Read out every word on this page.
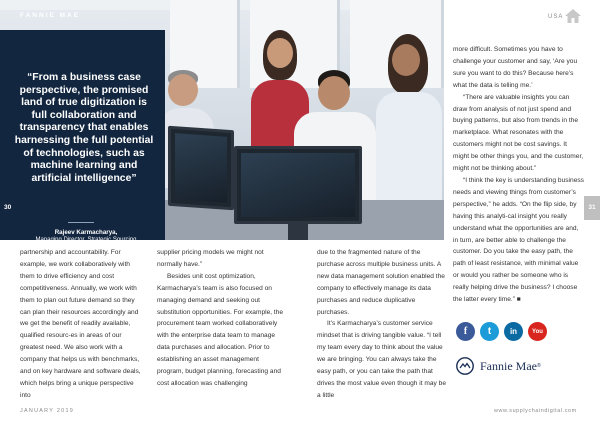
“From a business case perspective, the promised land of true digitization is full collaboration and transparency that enables harnessing the full potential of technologies, such as machine learning and artificial intelligence”
Rajeev Karmacharya,
Managing Director, Strategic Sourcing
and Category Management
FANNIE MAE
30
USA

partnership and accountability. For example, we work collaboratively with them to drive efficiency and cost competitiveness. Annually, we work with them to plan out future demand so they can plan their resources accordingly and we get the benefit of readily available, qualified resourc-es in areas of our greatest need. We also work with a company that helps us with benchmarks, and on key hardware and software deals, which helps bring a unique perspective into

supplier pricing models we might not normally have.”

Besides unit cost optimization, Karmacharya’s team is also focused on managing demand and seeking out substitution opportunities. For example, the procurement team worked collaboratively with the enterprise data team to manage data purchases and allocation. Prior to establishing an asset management program, budget planning, forecasting and cost allocation was challenging

due to the fragmented nature of the purchase across multiple business units. A new data management solution enabled the company to effectively manage its data purchases and reduce duplicative purchases.

It’s Karmacharya’s customer service mindset that is driving tangible value. “I tell my team every day to think about the value we are bringing. You can always take the easy path, or you can take the path that drives the most value even though it may be a little

more difficult. Sometimes you have to challenge your customer and say, ‘Are you sure you want to do this? Because here’s what the data is telling me.’

“There are valuable insights you can draw from analysis of not just spend and buying patterns, but also from trends in the marketplace. What resonates with the customers might not be cost savings. It might be other things you, and the customer, might not be thinking about.”

“I think the key is understanding business needs and viewing things from customer’s perspective,” he adds. “On the flip side, by having this analyti-cal insight you really understand what the opportunities are and, in turn, are better able to challenge the customer. Do you take the easy path, the path of least resistance, with minimal value or would you rather be someone who is really helping drive the business? I choose the latter every time.” ■

31
f	t	in	You
Fannie Mae ®
JANUARY 2019	www.supplychaindigital.com
